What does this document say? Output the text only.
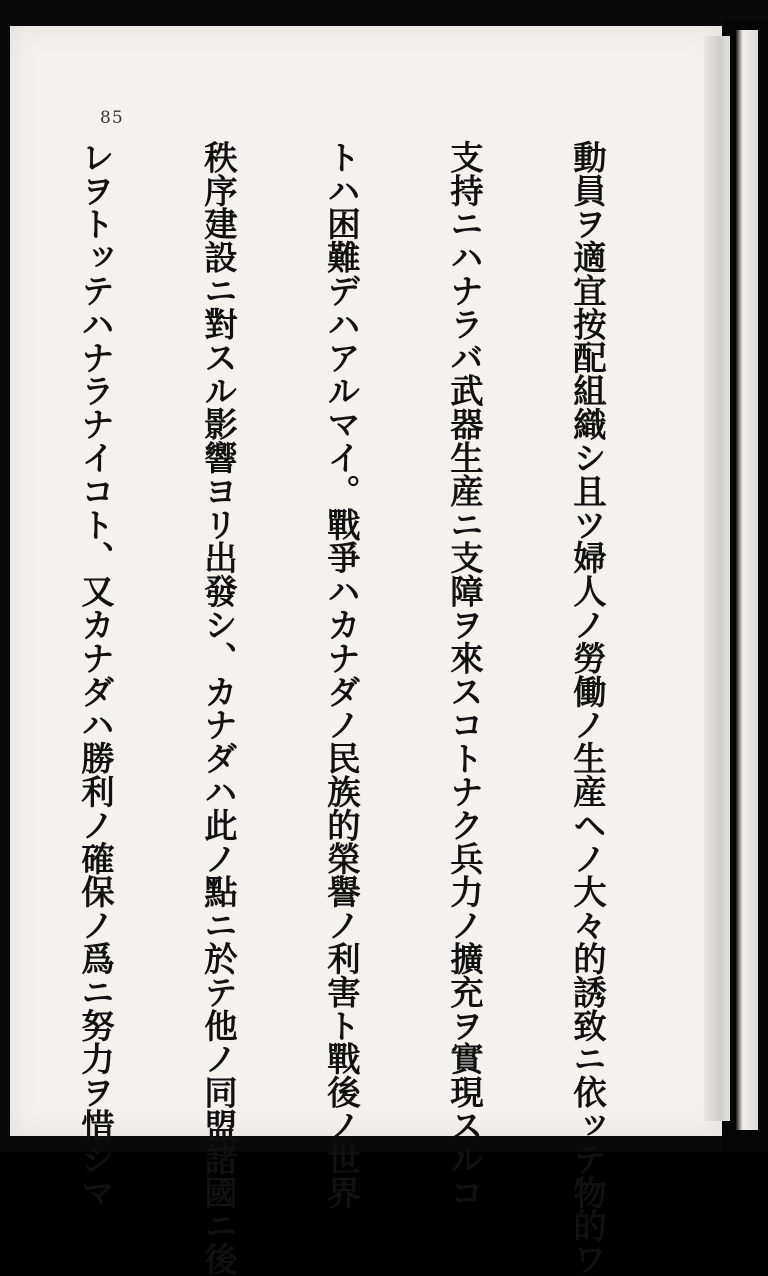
85

動員ヲ適宜按配組織シ且ツ婦人ノ勞働ノ生産ヘノ大々的誘致ニ依ッテ物的ワ

支持ニハナラバ武器生産ニ支障ヲ來スコトナク兵力ノ擴充ヲ實現スルコ

トハ困難デハアルマイ。戰爭ハカナダノ民族的榮譽ノ利害ト戰後ノ世界

秩序建設ニ對スル影響ヨリ出發シ、カナダハ此ノ點ニ於テ他ノ同盟諸國ニ後

レヲトッテハナラナイコト、又カナダハ勝利ノ確保ノ爲ニ努力ヲ惜シマ
